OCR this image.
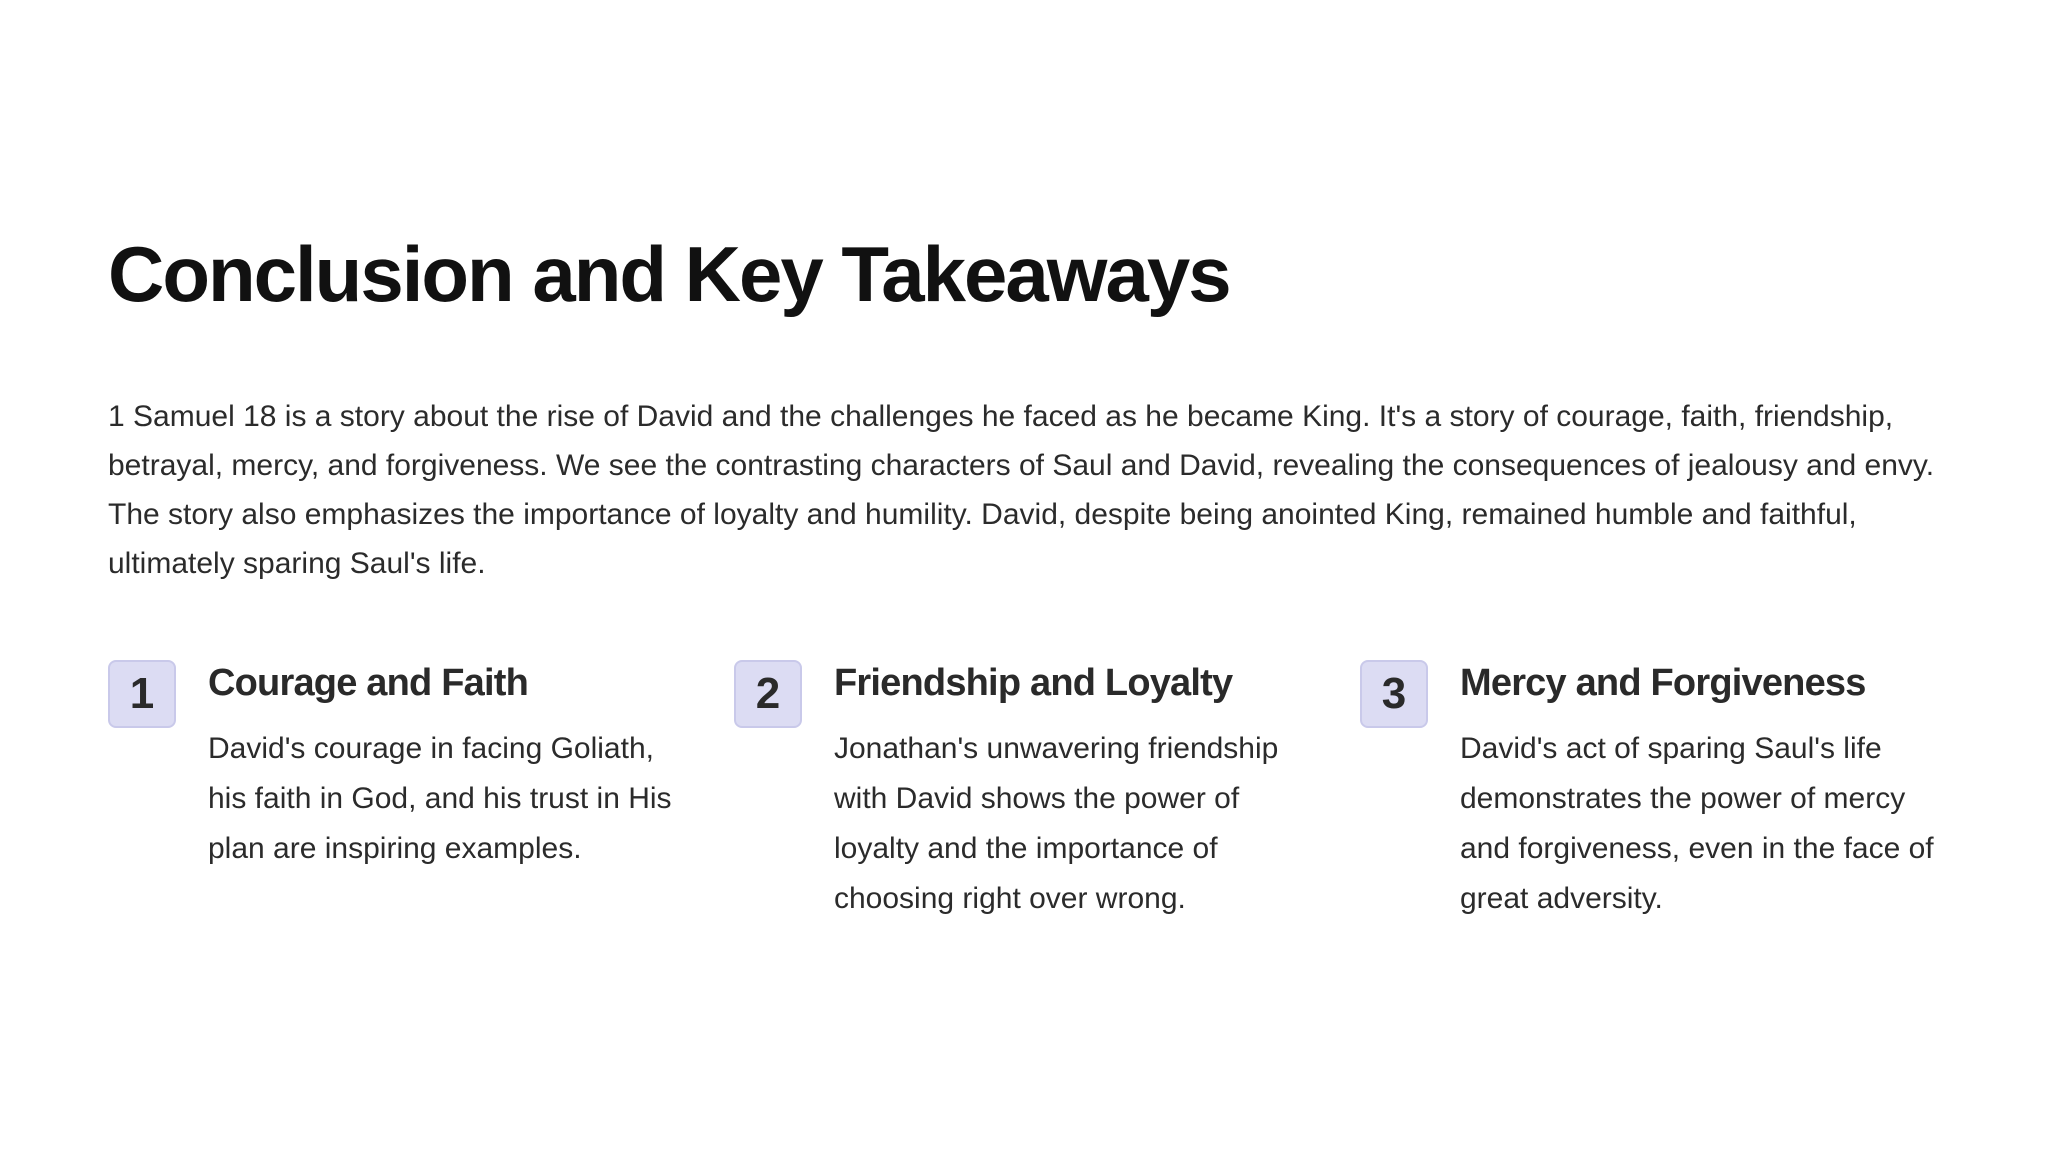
Conclusion and Key Takeaways

1 Samuel 18 is a story about the rise of David and the challenges he faced as he became King. It's a story of courage, faith, friendship, betrayal, mercy, and forgiveness. We see the contrasting characters of Saul and David, revealing the consequences of jealousy and envy. The story also emphasizes the importance of loyalty and humility. David, despite being anointed King, remained humble and faithful, ultimately sparing Saul's life.

1	Courage and Faith

David's courage in facing Goliath, his faith in God, and his trust in His plan are inspiring examples.

2	Friendship and Loyalty

Jonathan's unwavering friendship with David shows the power of loyalty and the importance of choosing right over wrong.

3	Mercy and Forgiveness

David's act of sparing Saul's life demonstrates the power of mercy and forgiveness, even in the face of great adversity.
